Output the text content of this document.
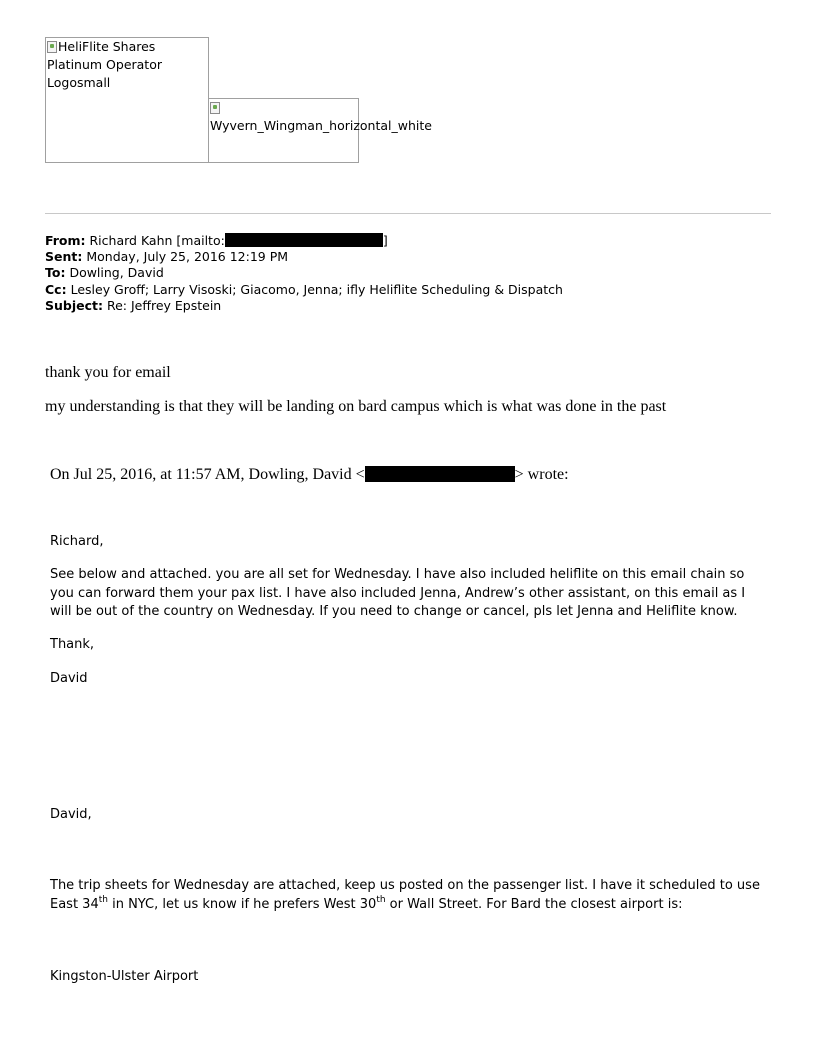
HeliFlite Shares Platinum Operator Logosmall
Wyvern_Wingman_horizontal_white
From: Richard Kahn [mailto:	]
Sent: Monday, July 25, 2016 12:19 PM
To: Dowling, David
Cc: Lesley Groff; Larry Visoski; Giacomo, Jenna; ifly Heliflite Scheduling & Dispatch
Subject: Re: Jeffrey Epstein
thank you for email
my understanding is that they will be landing on bard campus which is what was done in the past
On Jul 25, 2016, at 11:57 AM, Dowling, David <	> wrote:
Richard,
See below and attached. you are all set for Wednesday. I have also included heliflite on this email chain so you can forward them your pax list. I have also included Jenna, Andrew’s other assistant, on this email as I will be out of the country on Wednesday. If you need to change or cancel, pls let Jenna and Heliflite know.
Thank,
David
David,
The trip sheets for Wednesday are attached, keep us posted on the passenger list. I have it scheduled to use East 34th in NYC, let us know if he prefers West 30th or Wall Street. For Bard the closest airport is:
Kingston-Ulster Airport
